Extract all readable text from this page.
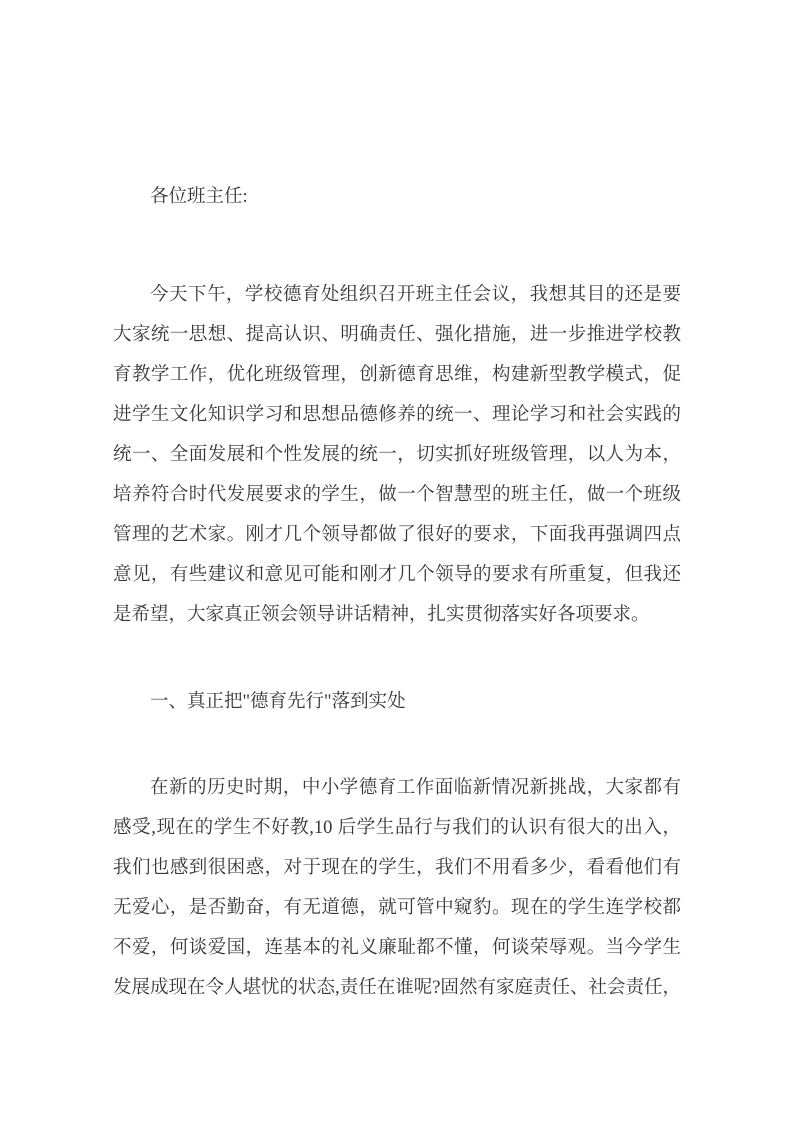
各位班主任:
今天下午，学校德育处组织召开班主任会议，我想其目的还是要
大家统一思想、提高认识、明确责任、强化措施，进一步推进学校教
育教学工作，优化班级管理，创新德育思维，构建新型教学模式，促
进学生文化知识学习和思想品德修养的统一、理论学习和社会实践的
统一、全面发展和个性发展的统一，切实抓好班级管理，以人为本，
培养符合时代发展要求的学生，做一个智慧型的班主任，做一个班级
管理的艺术家。刚才几个领导都做了很好的要求，下面我再强调四点
意见，有些建议和意见可能和刚才几个领导的要求有所重复，但我还
是希望，大家真正领会领导讲话精神，扎实贯彻落实好各项要求。
一、真正把"德育先行"落到实处
在新的历史时期，中小学德育工作面临新情况新挑战，大家都有
感受,现在的学生不好教,10 后学生品行与我们的认识有很大的出入，
我们也感到很困惑，对于现在的学生，我们不用看多少，看看他们有
无爱心，是否勤奋，有无道德，就可管中窥豹。现在的学生连学校都
不爱，何谈爱国，连基本的礼义廉耻都不懂，何谈荣辱观。当今学生
发展成现在令人堪忧的状态,责任在谁呢?固然有家庭责任、社会责任，
